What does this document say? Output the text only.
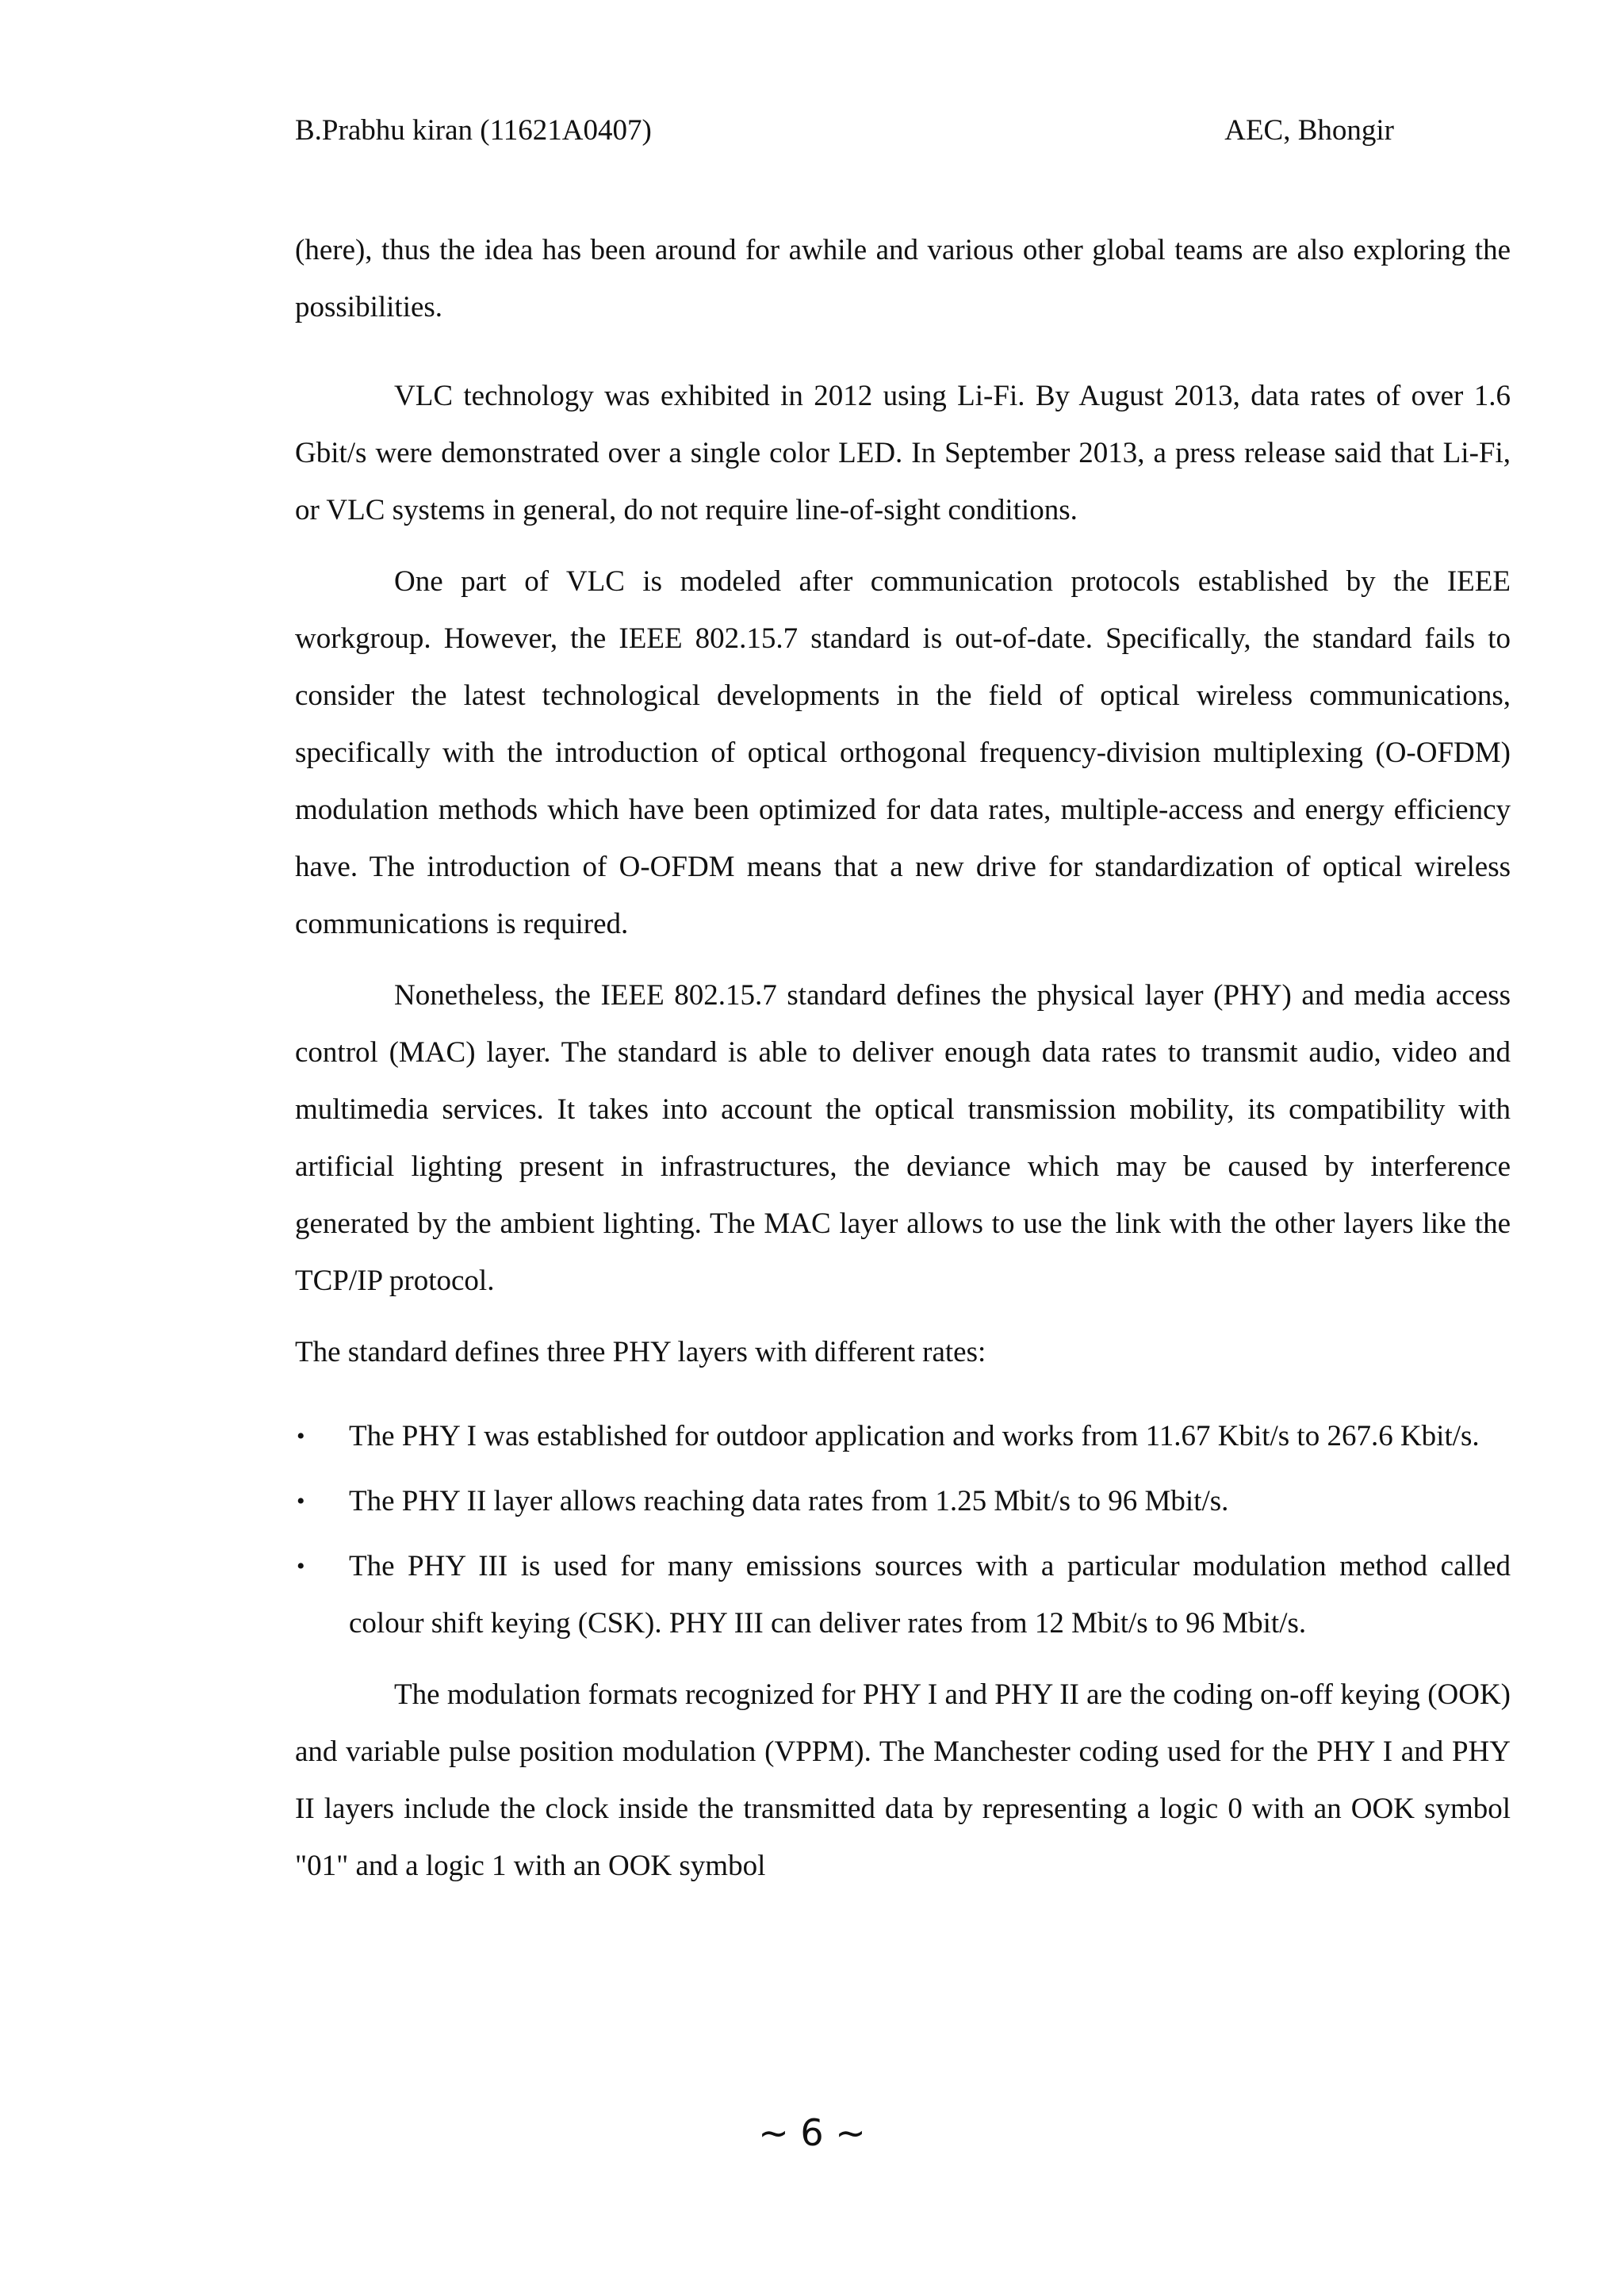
B.Prabhu kiran (11621A0407)	AEC, Bhongir

(here), thus the idea has been around for awhile and various other global teams are also exploring the possibilities.

VLC technology was exhibited in 2012 using Li-Fi. By August 2013, data rates of over 1.6 Gbit/s were demonstrated over a single color LED. In September 2013, a press release said that Li-Fi, or VLC systems in general, do not require line-of-sight conditions.

One part of VLC is modeled after communication protocols established by the IEEE workgroup. However, the IEEE 802.15.7 standard is out-of-date. Specifically, the standard fails to consider the latest technological developments in the field of optical wireless communications, specifically with the introduction of optical orthogonal frequency-division multiplexing (O-OFDM) modulation methods which have been optimized for data rates, multiple-access and energy efficiency have. The introduction of O-OFDM means that a new drive for standardization of optical wireless communications is required.

Nonetheless, the IEEE 802.15.7 standard defines the physical layer (PHY) and media access control (MAC) layer. The standard is able to deliver enough data rates to transmit audio, video and multimedia services. It takes into account the optical transmission mobility, its compatibility with artificial lighting present in infrastructures, the deviance which may be caused by interference generated by the ambient lighting. The MAC layer allows to use the link with the other layers like the TCP/IP protocol.

The standard defines three PHY layers with different rates:

• The PHY I was established for outdoor application and works from 11.67 Kbit/s to 267.6 Kbit/s.
• The PHY II layer allows reaching data rates from 1.25 Mbit/s to 96 Mbit/s.
• The PHY III is used for many emissions sources with a particular modulation method called colour shift keying (CSK). PHY III can deliver rates from 12 Mbit/s to 96 Mbit/s.

The modulation formats recognized for PHY I and PHY II are the coding on-off keying (OOK) and variable pulse position modulation (VPPM). The Manchester coding used for the PHY I and PHY II layers include the clock inside the transmitted data by representing a logic 0 with an OOK symbol "01" and a logic 1 with an OOK symbol

~ 6 ~
